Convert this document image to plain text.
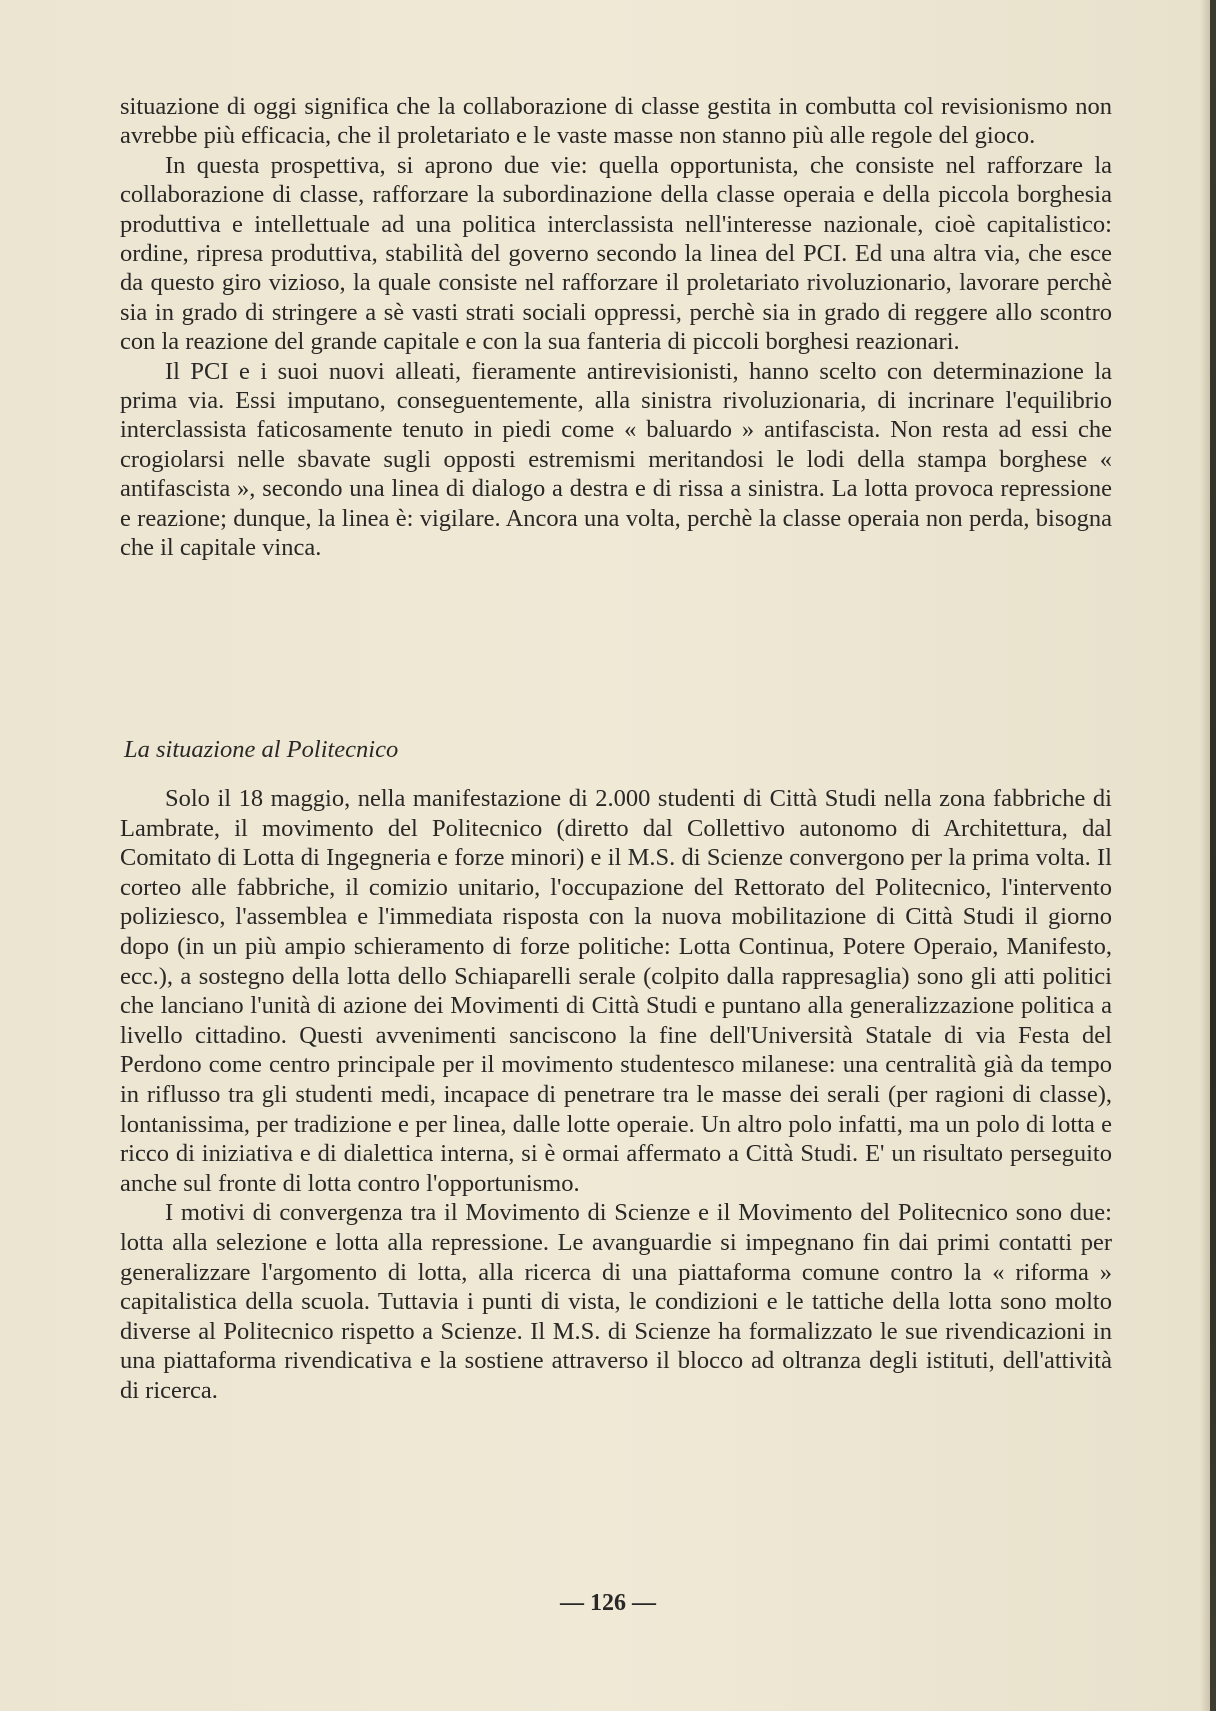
situazione di oggi significa che la collaborazione di classe gestita in combutta col revisionismo non avrebbe più efficacia, che il proletariato e le vaste masse non stanno più alle regole del gioco.

In questa prospettiva, si aprono due vie: quella opportunista, che consiste nel rafforzare la collaborazione di classe, rafforzare la subordinazione della classe operaia e della piccola borghesia produttiva e intellettuale ad una politica interclassista nell'interesse nazionale, cioè capitalistico: ordine, ripresa produttiva, stabilità del governo secondo la linea del PCI. Ed una altra via, che esce da questo giro vizioso, la quale consiste nel rafforzare il proletariato rivoluzionario, lavorare perchè sia in grado di stringere a sè vasti strati sociali oppressi, perchè sia in grado di reggere allo scontro con la reazione del grande capitale e con la sua fanteria di piccoli borghesi reazionari.

Il PCI e i suoi nuovi alleati, fieramente antirevisionisti, hanno scelto con determinazione la prima via. Essi imputano, conseguentemente, alla sinistra rivoluzionaria, di incrinare l'equilibrio interclassista faticosamente tenuto in piedi come « baluardo » antifascista. Non resta ad essi che crogiolarsi nelle sbavate sugli opposti estremismi meritandosi le lodi della stampa borghese « antifascista », secondo una linea di dialogo a destra e di rissa a sinistra. La lotta provoca repressione e reazione; dunque, la linea è: vigilare. Ancora una volta, perchè la classe operaia non perda, bisogna che il capitale vinca.

La situazione al Politecnico

Solo il 18 maggio, nella manifestazione di 2.000 studenti di Città Studi nella zona fabbriche di Lambrate, il movimento del Politecnico (diretto dal Collettivo autonomo di Architettura, dal Comitato di Lotta di Ingegneria e forze minori) e il M.S. di Scienze convergono per la prima volta. Il corteo alle fabbriche, il comizio unitario, l'occupazione del Rettorato del Politecnico, l'intervento poliziesco, l'assemblea e l'immediata risposta con la nuova mobilitazione di Città Studi il giorno dopo (in un più ampio schieramento di forze politiche: Lotta Continua, Potere Operaio, Manifesto, ecc.), a sostegno della lotta dello Schiaparelli serale (colpito dalla rappresaglia) sono gli atti politici che lanciano l'unità di azione dei Movimenti di Città Studi e puntano alla generalizzazione politica a livello cittadino. Questi avvenimenti sanciscono la fine dell'Università Statale di via Festa del Perdono come centro principale per il movimento studentesco milanese: una centralità già da tempo in riflusso tra gli studenti medi, incapace di penetrare tra le masse dei serali (per ragioni di classe), lontanissima, per tradizione e per linea, dalle lotte operaie. Un altro polo infatti, ma un polo di lotta e ricco di iniziativa e di dialettica interna, si è ormai affermato a Città Studi. E' un risultato perseguito anche sul fronte di lotta contro l'opportunismo.

I motivi di convergenza tra il Movimento di Scienze e il Movimento del Politecnico sono due: lotta alla selezione e lotta alla repressione. Le avanguardie si impegnano fin dai primi contatti per generalizzare l'argomento di lotta, alla ricerca di una piattaforma comune contro la « riforma » capitalistica della scuola. Tuttavia i punti di vista, le condizioni e le tattiche della lotta sono molto diverse al Politecnico rispetto a Scienze. Il M.S. di Scienze ha formalizzato le sue rivendicazioni in una piattaforma rivendicativa e la sostiene attraverso il blocco ad oltranza degli istituti, dell'attività di ricerca.

— 126 —
